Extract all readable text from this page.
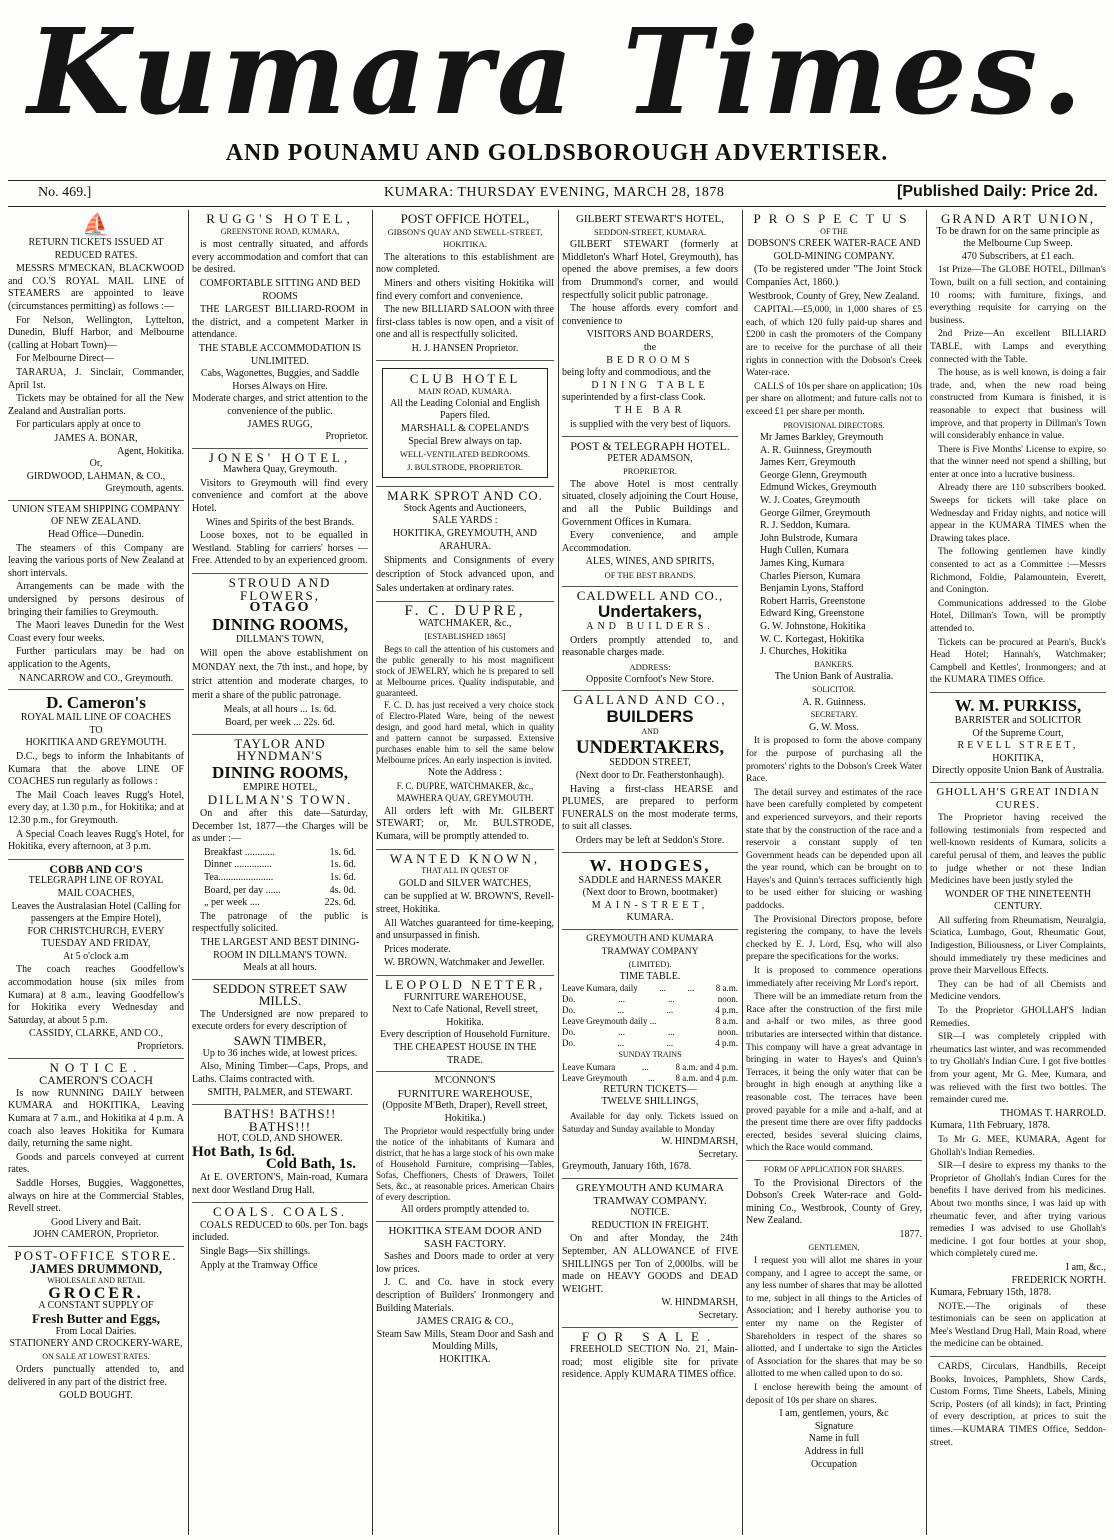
Kumara Times.
AND POUNAMU AND GOLDSBOROUGH ADVERTISER.
No. 469.]	KUMARA: THURSDAY EVENING, MARCH 28, 1878	[Published Daily: Price 2d.
⛵
RETURN TICKETS ISSUED AT REDUCED RATES.

MESSRS M'MECKAN, BLACKWOOD and CO.'S ROYAL MAIL LINE of STEAMERS are appointed to leave (circumstances permitting) as follows :—

For Nelson, Wellington, Lyttelton, Dunedin, Bluff Harbor, and Melbourne (calling at Hobart Town)—

For Melbourne Direct—

TARARUA, J. Sinclair, Commander, April 1st.

Tickets may be obtained for all the New Zealand and Australian ports.

For particulars apply at once to

JAMES A. BONAR,
Agent, Hokitika.
Or,
GIRDWOOD, LAHMAN, & CO.,
Greymouth, agents.
UNION STEAM SHIPPING COMPANY OF NEW ZEALAND.
Head Office—Dunedin.

The steamers of this Company are leaving the various ports of New Zealand at short intervals.

Arrangements can be made with the undersigned by persons desirous of bringing their families to Greymouth.

The Maori leaves Dunedin for the West Coast every four weeks.

Further particulars may be had on application to the Agents,

NANCARROW and CO., Greymouth.
D. Cameron's
ROYAL MAIL LINE OF COACHES
TO
HOKITIKA AND GREYMOUTH.

D.C., begs to inform the Inhabitants of Kumara that the above LINE OF COACHES run regularly as follows :

The Mail Coach leaves Rugg's Hotel, every day, at 1.30 p.m., for Hokitika; and at 12.30 p.m., for Greymouth.

A Special Coach leaves Rugg's Hotel, for Hokitika, every afternoon, at 3 p.m.

COBB AND CO'S
TELEGRAPH LINE OF ROYAL
MAIL COACHES,
Leaves the Australasian Hotel (Calling for passengers at the Empire Hotel),
FOR CHRISTCHURCH, EVERY TUESDAY AND FRIDAY,
At 5 o'clock a.m

The coach reaches Goodfellow's accommodation house (six miles from Kumara) at 8 a.m., leaving Goodfellow's for Hokitika every Wednesday and Saturday, at about 5 p.m.

CASSIDY, CLARKE, AND CO.,
Proprietors.
NOTICE.
CAMERON'S COACH

Is now RUNNING DAILY between KUMARA and HOKITIKA, Leaving Kumara at 7 a.m., and Hokitika at 4 p.m. A coach also leaves Hokitika for Kumara daily, returning the same night.

Goods and parcels conveyed at current rates.

Saddle Horses, Buggies, Waggonettes, always on hire at the Commercial Stables, Revell street.

Good Livery and Bait.
JOHN CAMERON, Proprietor.
POST-OFFICE STORE.
JAMES DRUMMOND,
WHOLESALE AND RETAIL
GROCER.
A CONSTANT SUPPLY OF
Fresh Butter and Eggs,
From Local Dairies.
STATIONERY AND CROCKERY-WARE,
ON SALE AT LOWEST RATES.

Orders punctually attended to, and delivered in any part of the district free.

GOLD BOUGHT.
RUGG'S HOTEL,
GREENSTONE ROAD, KUMARA,

is most centrally situated, and affords every accommodation and comfort that can be desired.

COMFORTABLE SITTING AND BED ROOMS

THE LARGEST BILLIARD-ROOM in the district, and a competent Marker in attendance.

THE STABLE ACCOMMODATION IS UNLIMITED.
Cabs, Wagonettes, Buggies, and Saddle Horses Always on Hire.
Moderate charges, and strict attention to the convenience of the public.
JAMES RUGG,
Proprietor.
JONES' HOTEL,
Mawhera Quay, Greymouth.

Visitors to Greymouth will find every convenience and comfort at the above Hotel.

Wines and Spirits of the best Brands.

Loose boxes, not to be equalled in Westland. Stabling for carriers' horses —Free. Attended to by an experienced groom.

STROUD AND FLOWERS,
OTAGO
DINING ROOMS,
DILLMAN'S TOWN,

Will open the above establishment on MONDAY next, the 7th inst., and hope, by strict attention and moderate charges, to merit a share of the public patronage.

Meals, at all hours ... 1s. 6d.
Board, per week ... 22s. 6d.
TAYLOR AND HYNDMAN'S
DINING ROOMS,
EMPIRE HOTEL,
DILLMAN'S TOWN.

On and after this date—Saturday, December 1st, 1877—the Charges will be as under :—

Breakfast ............	1s. 6d.
Dinner ...............	1s. 6d.
Tea......................	1s. 6d.
Board, per day ......	4s. 0d.
„ per week ....	22s. 6d.

The patronage of the public is respectfully solicited.

THE LARGEST AND BEST DINING-ROOM IN DILLMAN'S TOWN.
Meals at all hours.
SEDDON STREET SAW MILLS.

The Undersigned are now prepared to execute orders for every description of

SAWN TIMBER,
Up to 36 inches wide, at lowest prices.

Also, Mining Timber—Caps, Props, and Laths. Claims contracted with.

SMITH, PALMER, and STEWART.
BATHS! BATHS!! BATHS!!!
HOT, COLD, AND SHOWER.
Hot Bath, 1s 6d.
Cold Bath, 1s.

At E. OVERTON'S, Main-road, Kumara next door Westland Drug Hall.

COALS. COALS.

COALS REDUCED to 60s. per Ton. bags included.

Single Bags—Six shillings.

Apply at the Tramway Office

POST OFFICE HOTEL,
GIBSON'S QUAY AND SEWELL-STREET, HOKITIKA.

The alterations to this establishment are now completed.

Miners and others visiting Hokitika will find every comfort and convenience.

The new BILLIARD SALOON with three first-class tables is now open, and a visit of one and all is respectfully solicited.

H. J. HANSEN Proprietor.
CLUB HOTEL
MAIN ROAD, KUMARA.
All the Leading Colonial and English Papers filed.
MARSHALL & COPELAND'S Special Brew always on tap.
WELL-VENTILATED BEDROOMS.
J. BULSTRODE, PROPRIETOR.
MARK SPROT AND CO.
Stock Agents and Auctioneers,
SALE YARDS :
HOKITIKA, GREYMOUTH, AND ARAHURA.

Shipments and Consignments of every description of Stock advanced upon, and Sales undertaken at ordinary rates.

F. C. DUPRE,
WATCHMAKER, &c.,
[ESTABLISHED 1865]

Begs to call the attention of his customers and the public generally to his most magnificent stock of JEWELRY, which he is prepared to sell at Melbourne prices. Quality indisputable, and guaranteed.

F. C. D. has just received a very choice stock of Electro-Plated Ware, being of the newest design, and good hard metal, which in quality and pattern cannot be surpassed. Extensive purchases enable him to sell the same below Melbourne prices. An early inspection is invited.

Note the Address :
F. C. DUPRE, WATCHMAKER, &c., MAWHERA QUAY, GREYMOUTH.

All orders left with Mr. GILBERT STEWART; or, Mr. BULSTRODE, Kumara, will be promptly attended to.

WANTED KNOWN,
THAT ALL IN QUEST OF
GOLD and SILVER WATCHES,

can be supplied at W. BROWN'S, Revell-street, Hokitika.

All Watches guaranteed for time-keeping, and unsurpassed in finish.

Prices moderate.

W. BROWN, Watchmaker and Jeweller.

LEOPOLD NETTER,
FURNITURE WAREHOUSE,
Next to Cafe National, Revell street, Hokitika.
Every description of Household Furniture.
THE CHEAPEST HOUSE IN THE TRADE.
M'CONNON'S
FURNITURE WAREHOUSE,
(Opposite M'Beth, Draper), Revell street, Hokitika.)

The Proprietor would respectfully bring under the notice of the inhabitants of Kumara and district, that he has a large stock of his own make of Household Furniture, comprising—Tables, Sofas, Cheffioners, Chests of Drawers, Toilet Sets, &c., at reasonable prices. American Chairs of every description.

All orders promptly attended to.
HOKITIKA STEAM DOOR AND SASH FACTORY.

Sashes and Doors made to order at very low prices.

J. C. and Co. have in stock every description of Builders' Ironmongery and Building Materials.

JAMES CRAIG & CO.,
Steam Saw Mills, Steam Door and Sash and Moulding Mills,
HOKITIKA.
GILBERT STEWART'S HOTEL,
SEDDON-STREET, KUMARA.

GILBERT STEWART (formerly at Middleton's Wharf Hotel, Greymouth), has opened the above premises, a few doors from Drummond's corner, and would respectfully solicit public patronage.

The house affords every comfort and convenience to

VISITORS AND BOARDERS,
the
BEDROOMS
being lofty and commodious, and the
DINING TABLE
superintended by a first-class Cook.
THE BAR

is supplied with the very best of liquors.

POST & TELEGRAPH HOTEL.
PETER ADAMSON,
PROPRIETOR.

The above Hotel is most centrally situated, closely adjoining the Court House, and all the Public Buildings and Government Offices in Kumara.

Every convenience, and ample Accommodation.

ALES, WINES, AND SPIRITS,
OF THE BEST BRANDS.
CALDWELL AND CO.,
Undertakers,
AND BUILDERS.

Orders promptly attended to, and reasonable charges made.

ADDRESS:
Opposite Cornfoot's New Store.
GALLAND AND CO.,
BUILDERS
AND
UNDERTAKERS,
SEDDON STREET,
(Next door to Dr. Featherstonhaugh).

Having a first-class HEARSE and PLUMES, are prepared to perform FUNERALS on the most moderate terms, to suit all classes.

Orders may be left at Seddon's Store.
W. HODGES,
SADDLE and HARNESS MAKER
(Next door to Brown, bootmaker)
MAIN-STREET,
KUMARA.
GREYMOUTH AND KUMARA TRAMWAY COMPANY
(LIMITED).
TIME TABLE.
Leave Kumara, daily ... ... 8 a.m.
Do.	...	...	noon.
Do.	...	...	4 p.m.
Leave Greymouth daily ...	8 a.m.
Do.	...	...	noon.
Do.	...	...	4 p.m.
SUNDAY TRAINS
Leave Kumara	...	8 a.m. and 4 p.m.
Leave Greymouth ... 8 a.m. and 4 p.m.
RETURN TICKETS—
TWELVE SHILLINGS,

Available for day only. Tickets issued on Saturday and Sunday available to Monday

W. HINDMARSH,
Secretary.
Greymouth, January 16th, 1678.
GREYMOUTH AND KUMARA TRAMWAY COMPANY.
NOTICE.
REDUCTION IN FREIGHT.

On and after Monday, the 24th September, AN ALLOWANCE of FIVE SHILLINGS per Ton of 2,000lbs. will be made on HEAVY GOODS and DEAD WEIGHT.

W. HINDMARSH,
Secretary.
FOR SALE.

FREEHOLD SECTION No. 21, Main-road; most eligible site for private residence. Apply KUMARA TIMES office.

PROSPECTUS
OF THE
DOBSON'S CREEK WATER-RACE AND GOLD-MINING COMPANY.

(To be registered under "The Joint Stock Companies Act, 1860.)

Westbrook, County of Grey, New Zealand.

CAPITAL—£5,000, in 1,000 shares of £5 each, of which 120 fully paid-up shares and £200 in cash the promoters of the Company are to receive for the purchase of all their rights in connection with the Dobson's Creek Water-race.

CALLS of 10s per share on application; 10s per share on allotment; and future calls not to exceed £1 per share per month.

PROVISIONAL DIRECTORS.
Mr James Barkley, Greymouth
A. R. Guinness, Greymouth
James Kerr, Greymouth
George Glenn, Greymouth
Edmund Wickes, Greymouth
W. J. Coates, Greymouth
George Gilmer, Greymouth
R. J. Seddon, Kumara.
John Bulstrode, Kumara
Hugh Cullen, Kumara
James King, Kumara
Charles Pierson, Kumara
Benjamin Lyons, Stafford
Robert Harris, Greenstone
Edward King, Greenstone
G. W. Johnstone, Hokitika
W. C. Kortegast, Hokitika
J. Churches, Hokitika
BANKERS.
The Union Bank of Australia.
SOLICITOR.
A. R. Guinness.
SECRETARY.
G. W. Moss.

It is proposed to form the above company for the purpose of purchasing all the promoters' rights to the Dobson's Creek Water Race.

The detail survey and estimates of the race have been carefully completed by competent and experienced surveyors, and their reports state that by the construction of the race and a reservoir a constant supply of ten Government heads can be depended upon all the year round, which can be brought on to Hayes's and Quinn's terraces sufficiently high to be used either for sluicing or washing paddocks.

The Provisional Directors propose, before registering the company, to have the levels checked by E. J. Lord, Esq, who will also prepare the specifications for the works.

It is proposed to commence operations immediately after receiving Mr Lord's report.

There will be an immediate return from the Race after the construction of the first mile and a-half or two miles, as three good tributaries are intersected within that distance. This company will have a great advantage in bringing in water to Hayes's and Quinn's Terraces, it being the only water that can be brought in high enough at anything like a reasonable cost. The terraces have been proved payable for a mile and a-half, and at the present time there are over fifty paddocks erected, besides several sluicing claims, which the Race would command.

FORM OF APPLICATION FOR SHARES.

To the Provisional Directors of the Dobson's Creek Water-race and Gold-mining Co., Westbrook, County of Grey, New Zealand.

1877.
GENTLEMEN,

I request you will allot me shares in your company, and I agree to accept the same, or any less number of shares that may be allotted to me, subject in all things to the Articles of Association; and I hereby authorise you to enter my name on the Register of Shareholders in respect of the shares so allotted, and I undertake to sign the Articles of Association for the shares that may be so allotted to me when called upon to do so.

I enclose herewith being the amount of deposit of 10s per share on shares.

I am, gentlemen, yours, &c
Signature
Name in full
Address in full
Occupation
GRAND ART UNION,
To be drawn for on the same principle as the Melbourne Cup Sweep.
470 Subscribers, at £1 each.

1st Prize—The GLOBE HOTEL, Dillman's Town, built on a full section, and containing 10 rooms; with furniture, fixings, and everything requisite for carrying on the business.

2nd Prize—An excellent BILLIARD TABLE, with Lamps and everything connected with the Table.

The house, as is well known, is doing a fair trade, and, when the new road being constructed from Kumara is finished, it is reasonable to expect that business will improve, and that property in Dillman's Town will considerably enhance in value.

There is Five Months' License to expire, so that the winner need not spend a shilling, but enter at once into a lucrative business.

Already there are 110 subscribers booked. Sweeps for tickets will take place on Wednesday and Friday nights, and notice will appear in the KUMARA TIMES when the Drawing takes place.

The following gentlemen have kindly consented to act as a Committee :—Messrs Richmond, Foldie, Palamountein, Everett, and Conington.

Communications addressed to the Globe Hotel, Dillman's Town, will be promptly attended to.

Tickets can be procured at Pearn's, Buck's Head Hotel; Hannah's, Watchmaker; Campbell and Kettles', Ironmongers; and at the KUMARA TIMES Office.

W. M. PURKISS,
BARRISTER and SOLICITOR
Of the Supreme Court,
REVELL STREET,
HOKITIKA,
Directly opposite Union Bank of Australia.
GHOLLAH'S GREAT INDIAN CURES.

The Proprietor having received the following testimonials from respected and well-known residents of Kumara, solicits a careful perusal of them, and leaves the public to judge whether or not these Indian Medicines have been justly styled the

WONDER OF THE NINETEENTH CENTURY.

All suffering from Rheumatism, Neuralgia, Sciatica, Lumbago, Gout, Rheumatic Gout, Indigestion, Biliousness, or Liver Complaints, should immediately try these medicines and prove their Marvellous Effects.

They can be had of all Chemists and Medicine vendors.

To the Proprietor GHOLLAH'S Indian Remedies.

SIR—I was completely crippled with rheumatics last winter, and was recommended to try Ghollah's Indian Cure. I got five bottles from your agent, Mr G. Mee, Kumara, and was relieved with the first two bottles. The remainder cured me.

THOMAS T. HARROLD.
Kumara, 11th February, 1878.

To Mr G. MEE, KUMARA, Agent for Ghollah's Indian Remedies.

SIR—I desire to express my thanks to the Proprietor of Ghollah's Indian Cures for the benefits I have derived from his medicines. About two months since, I was laid up with rheumatic fever, and after trying various remedies I was advised to use Ghollah's medicine. I got four bottles at your shop, which completely cured me.

I am, &c.,
FREDERICK NORTH.
Kumara, February 15th, 1878.

NOTE.—The originals of these testimonials can be seen on application at Mee's Westland Drug Hall, Main Road, where the medicine can be obtained.

CARDS, Circulars, Handbills, Receipt Books, Invoices, Pamphlets, Show Cards, Custom Forms, Time Sheets, Labels, Mining Scrip, Posters (of all kinds); in fact, Printing of every description, at prices to suit the times.—KUMARA TIMES Office, Seddon-street.
